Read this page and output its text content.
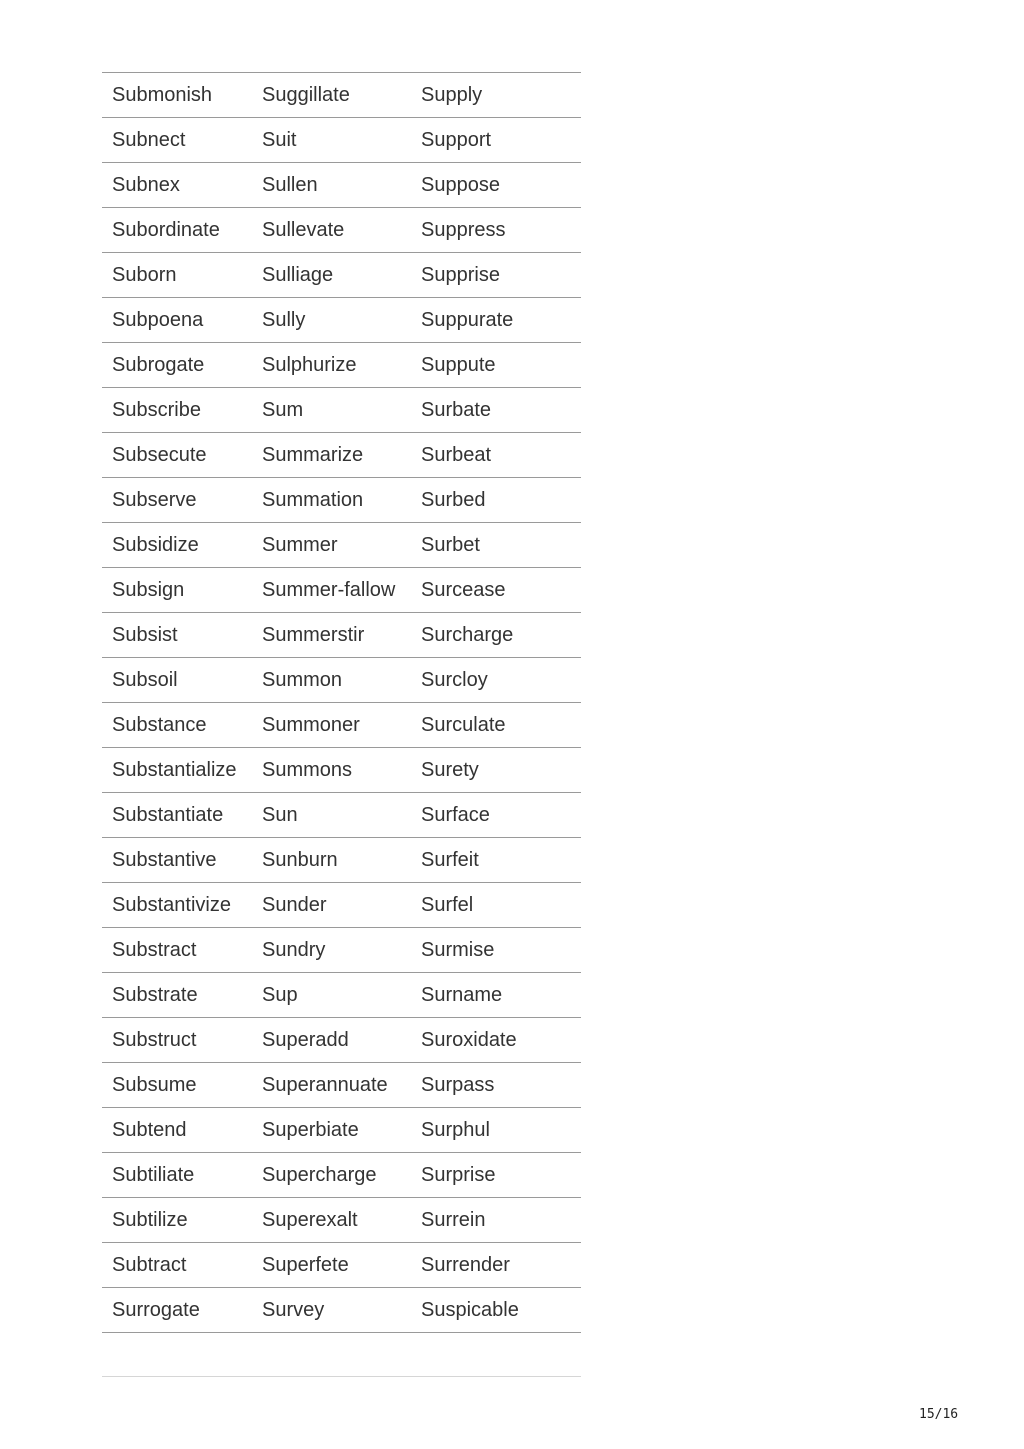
Submonish	Suggillate	Supply
Subnect	Suit	Support
Subnex	Sullen	Suppose
Subordinate	Sullevate	Suppress
Suborn	Sulliage	Supprise
Subpoena	Sully	Suppurate
Subrogate	Sulphurize	Suppute
Subscribe	Sum	Surbate
Subsecute	Summarize	Surbeat
Subserve	Summation	Surbed
Subsidize	Summer	Surbet
Subsign	Summer-fallow	Surcease
Subsist	Summerstir	Surcharge
Subsoil	Summon	Surcloy
Substance	Summoner	Surculate
Substantialize	Summons	Surety
Substantiate	Sun	Surface
Substantive	Sunburn	Surfeit
Substantivize	Sunder	Surfel
Substract	Sundry	Surmise
Substrate	Sup	Surname
Substruct	Superadd	Suroxidate
Subsume	Superannuate	Surpass
Subtend	Superbiate	Surphul
Subtiliate	Supercharge	Surprise
Subtilize	Superexalt	Surrein
Subtract	Superfete	Surrender
Surrogate	Survey	Suspicable
15/16
